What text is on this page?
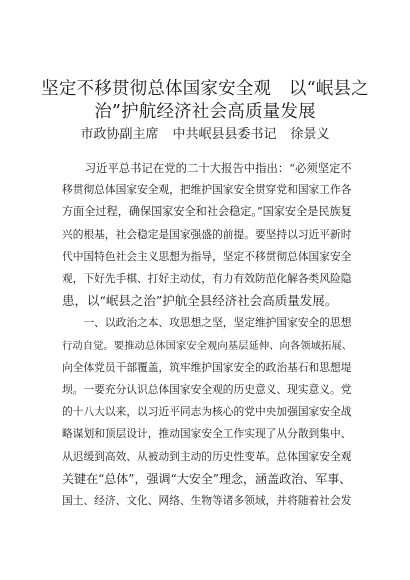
坚定不移贯彻总体国家安全观　以“岷县之
治”护航经济社会高质量发展

市政协副主席 中共岷县县委书记 徐景义

　　习近平总书记在党的二十大报告中指出：“必须坚定不

移贯彻总体国家安全观，把维护国家安全贯穿党和国家工作各

方面全过程，确保国家安全和社会稳定。”国家安全是民族复

兴的根基，社会稳定是国家强盛的前提。要坚持以习近平新时

代中国特色社会主义思想为指导，坚定不移贯彻总体国家安全

观，下好先手棋、打好主动仗，有力有效防范化解各类风险隐

患，以“岷县之治”护航全县经济社会高质量发展。

　　一、以政治之本、攻思想之坚，坚定维护国家安全的思想

行动自觉。要推动总体国家安全观向基层延伸、向各领域拓展、

向全体党员干部覆盖，筑牢维护国家安全的政治基石和思想堤

坝。一要充分认识总体国家安全观的历史意义、现实意义。党

的十八大以来，以习近平同志为核心的党中央加强国家安全战

略谋划和顶层设计，推动国家安全工作实现了从分散到集中、

从迟缓到高效、从被动到主动的历史性变革。总体国家安全观

关键在“总体”，强调“大安全”理念，涵盖政治、军事、

国土、经济、文化、网络、生物等诸多领域，并将随着社会发
